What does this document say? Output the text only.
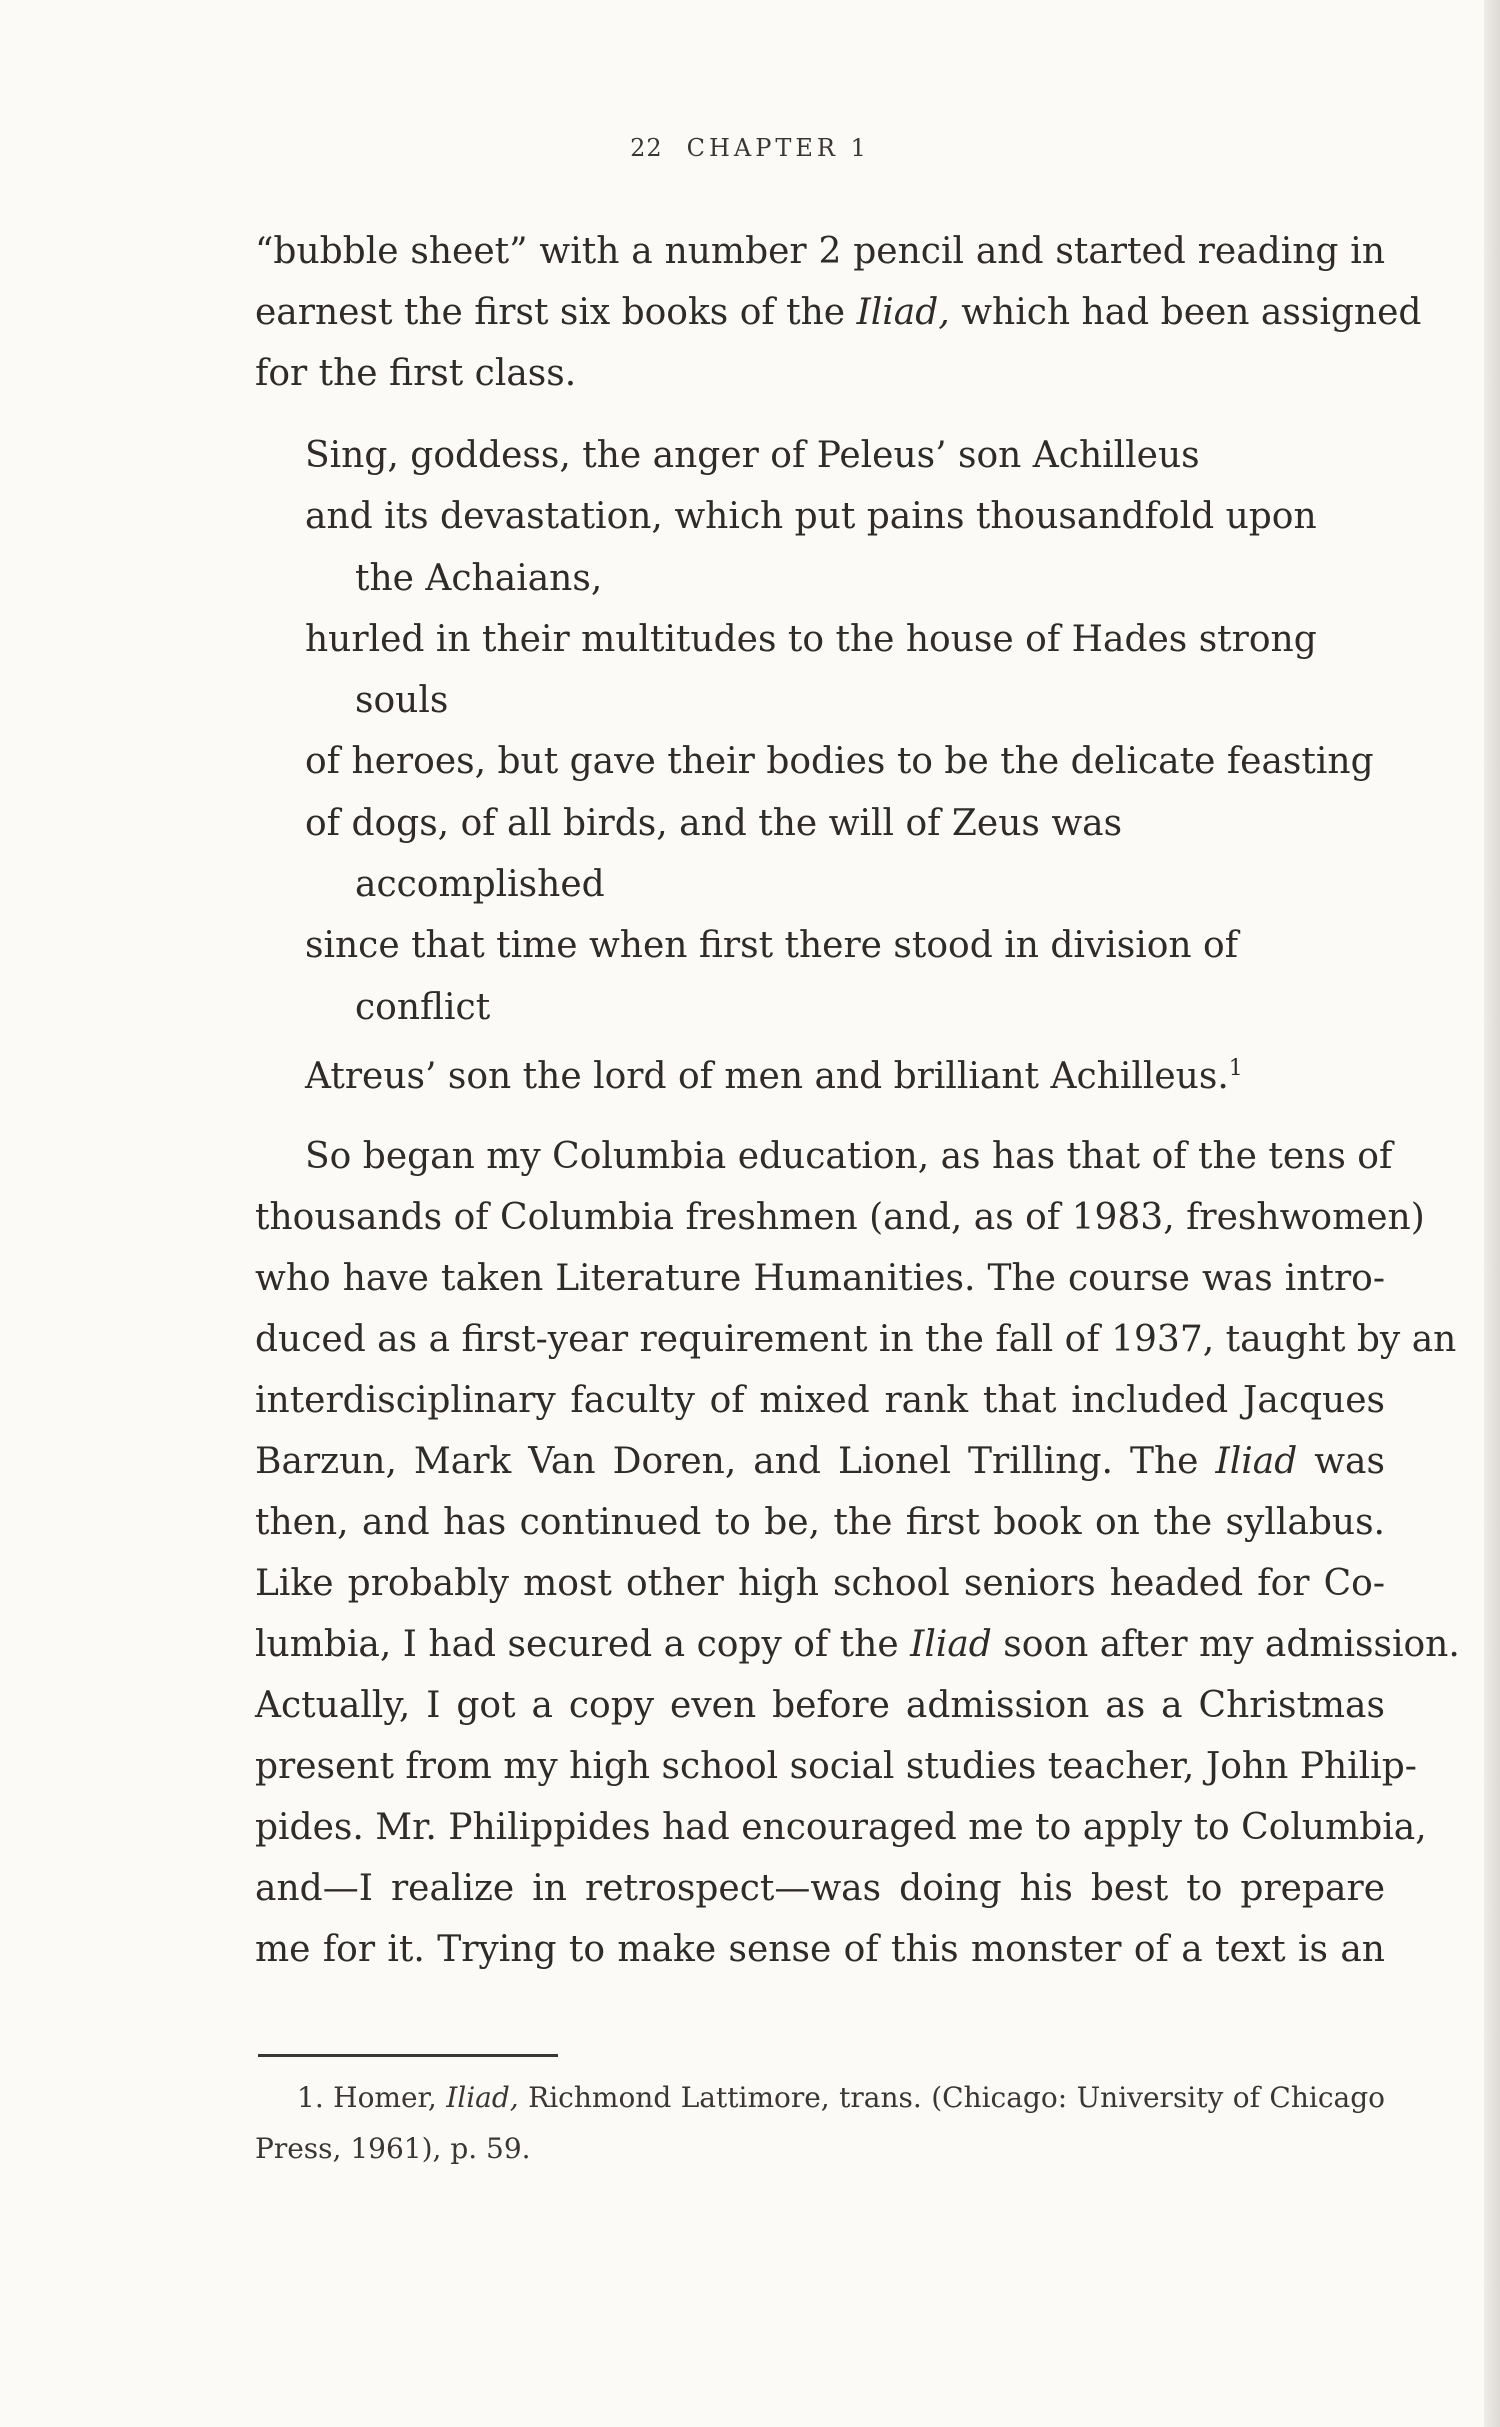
22 CHAPTER 1
“bubble sheet” with a number 2 pencil and started reading in
earnest the first six books of the Iliad, which had been assigned
for the first class.
Sing, goddess, the anger of Peleus’ son Achilleus
and its devastation, which put pains thousandfold upon
the Achaians,
hurled in their multitudes to the house of Hades strong
souls
of heroes, but gave their bodies to be the delicate feasting
of dogs, of all birds, and the will of Zeus was
accomplished
since that time when first there stood in division of
conflict
Atreus’ son the lord of men and brilliant Achilleus.$^1$
So began my Columbia education, as has that of the tens of
thousands of Columbia freshmen (and, as of 1983, freshwomen)
who have taken Literature Humanities. The course was intro-
duced as a first-year requirement in the fall of 1937, taught by an
interdisciplinary faculty of mixed rank that included Jacques
Barzun, Mark Van Doren, and Lionel Trilling. The Iliad was
then, and has continued to be, the first book on the syllabus.
Like probably most other high school seniors headed for Co-
lumbia, I had secured a copy of the Iliad soon after my admission.
Actually, I got a copy even before admission as a Christmas
present from my high school social studies teacher, John Philip-
pides. Mr. Philippides had encouraged me to apply to Columbia,
and—I realize in retrospect—was doing his best to prepare
me for it. Trying to make sense of this monster of a text is an
1. Homer, Iliad, Richmond Lattimore, trans. (Chicago: University of Chicago
Press, 1961), p. 59.
